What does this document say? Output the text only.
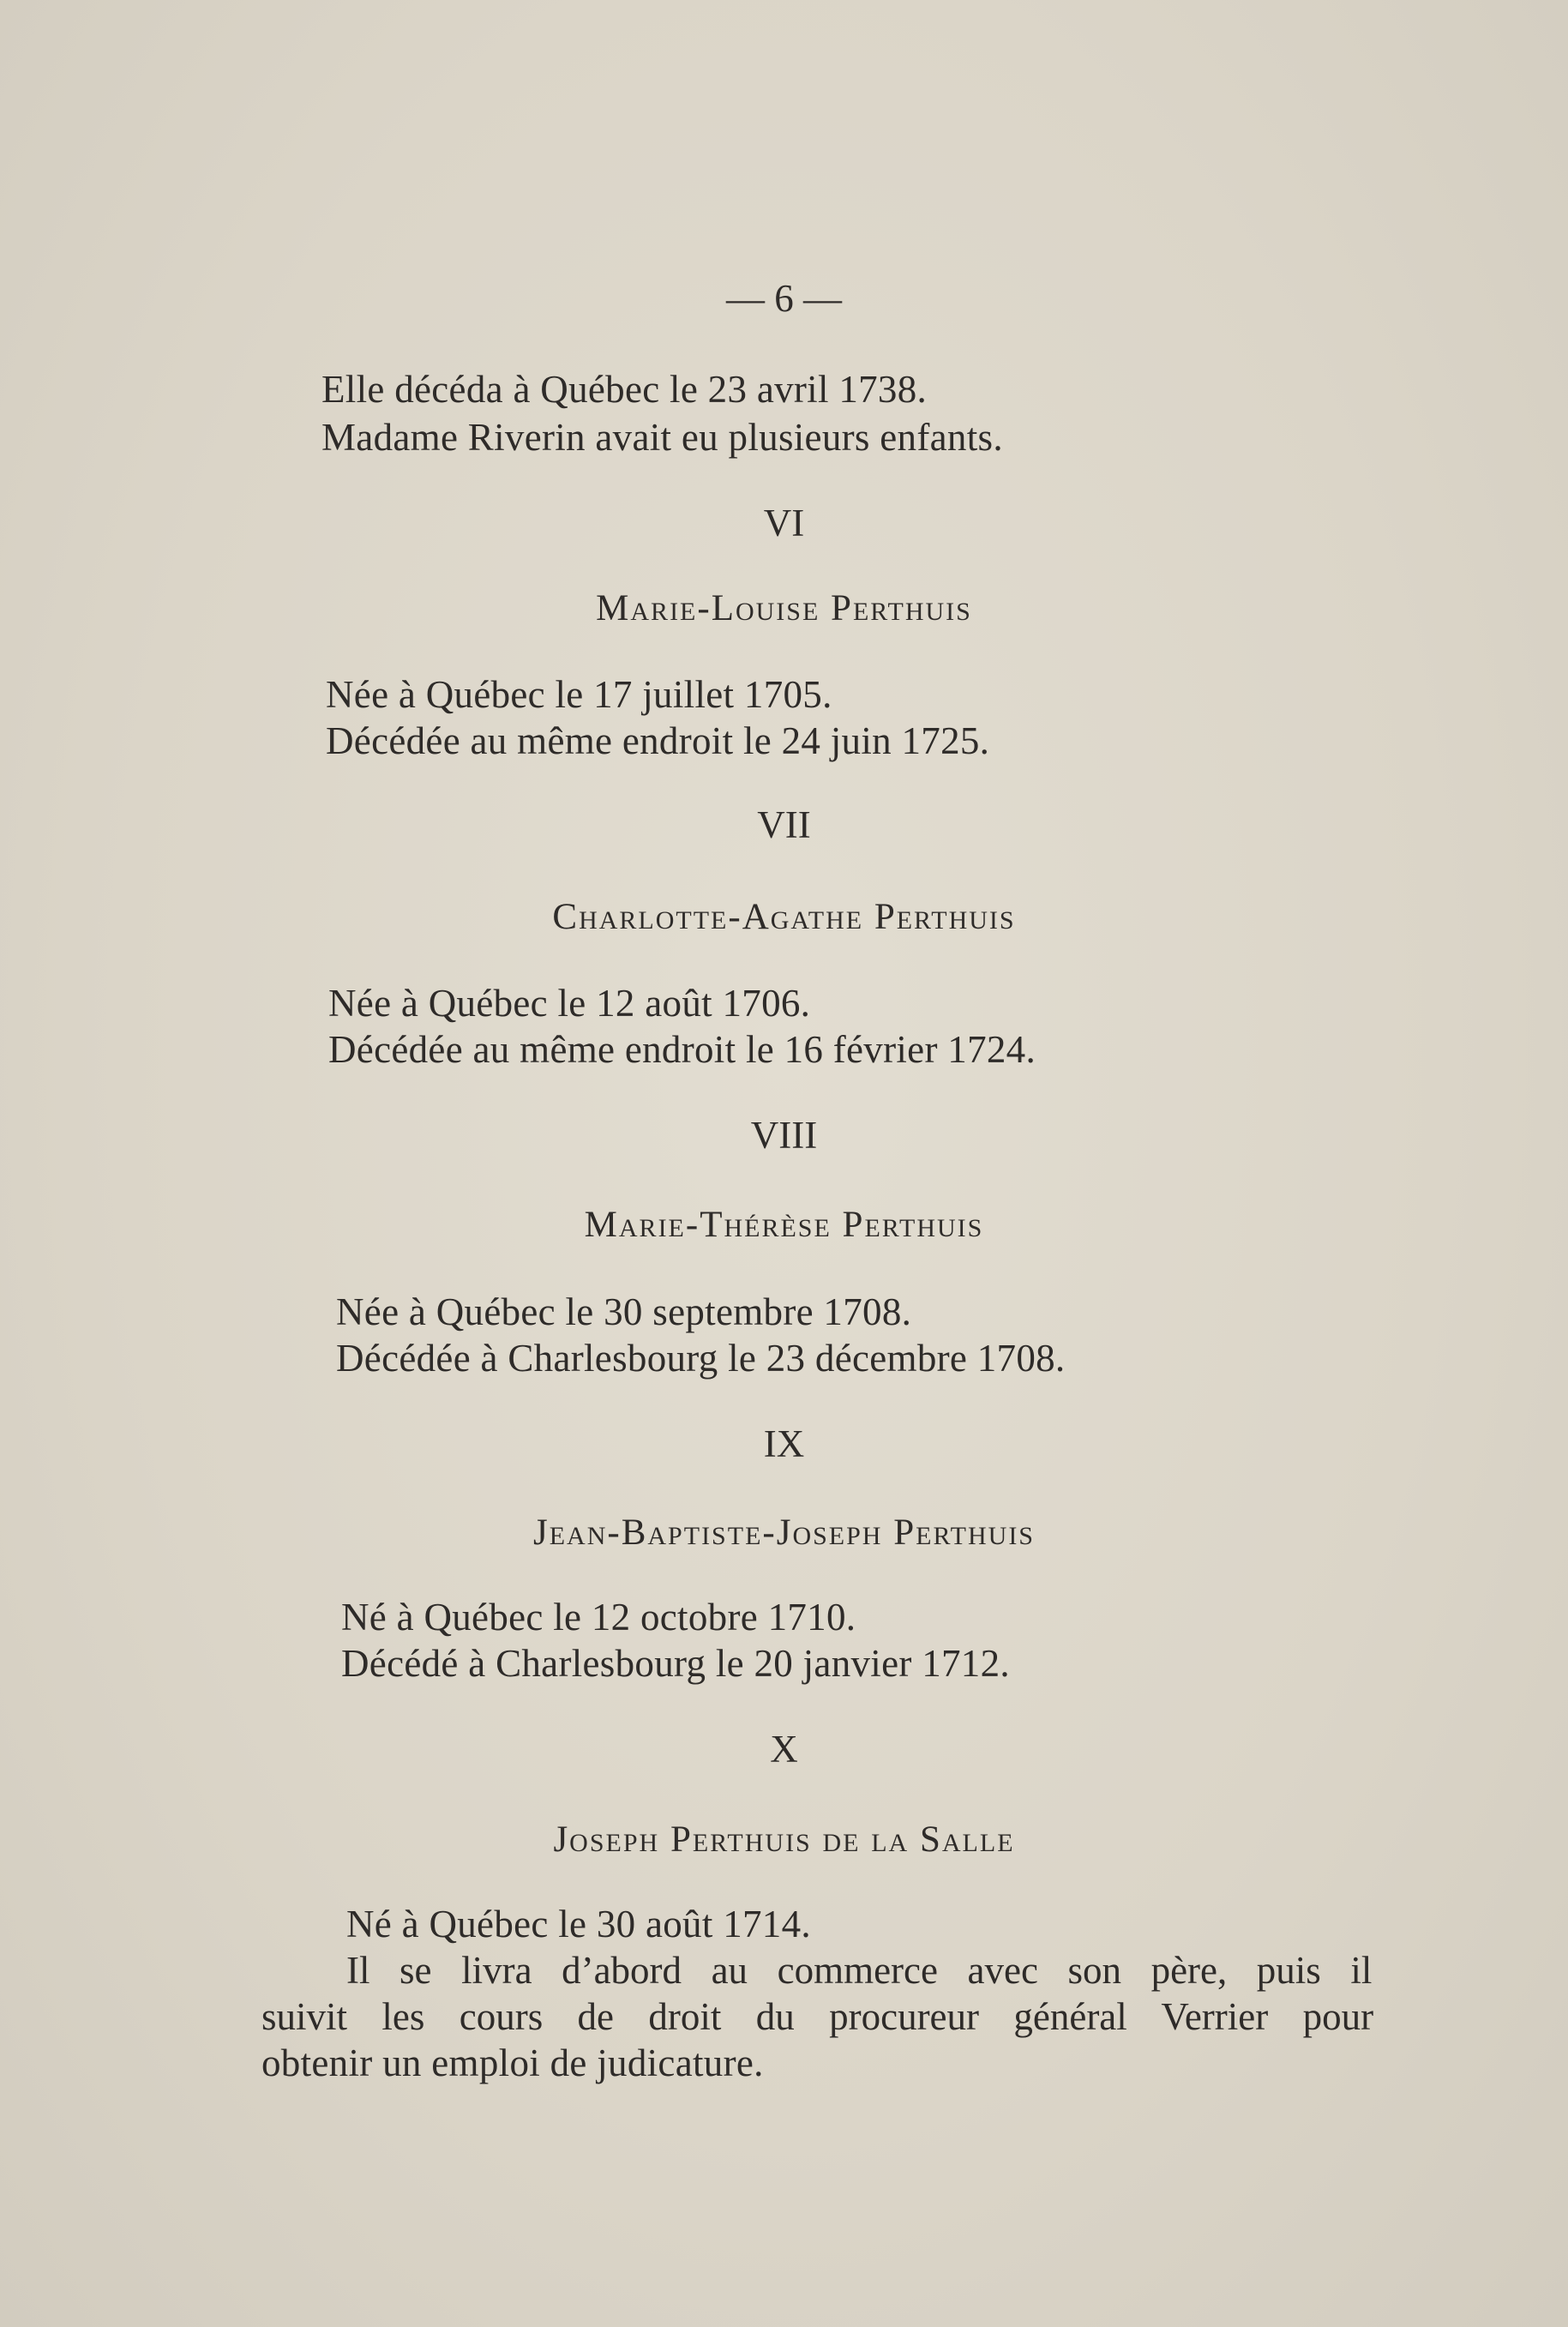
— 6 —
Elle décéda à Québec le 23 avril 1738.
Madame Riverin avait eu plusieurs enfants.
VI
Marie-Louise Perthuis
Née à Québec le 17 juillet 1705.
Décédée au même endroit le 24 juin 1725.
VII
Charlotte-Agathe Perthuis
Née à Québec le 12 août 1706.
Décédée au même endroit le 16 février 1724.
VIII
Marie-Thérèse Perthuis
Née à Québec le 30 septembre 1708.
Décédée à Charlesbourg le 23 décembre 1708.
IX
Jean-Baptiste-Joseph Perthuis
Né à Québec le 12 octobre 1710.
Décédé à Charlesbourg le 20 janvier 1712.
X
Joseph Perthuis de la Salle
Né à Québec le 30 août 1714.
Il se livra d’abord au commerce avec son père, puis il
suivit les cours de droit du procureur général Verrier pour
obtenir un emploi de judicature.
